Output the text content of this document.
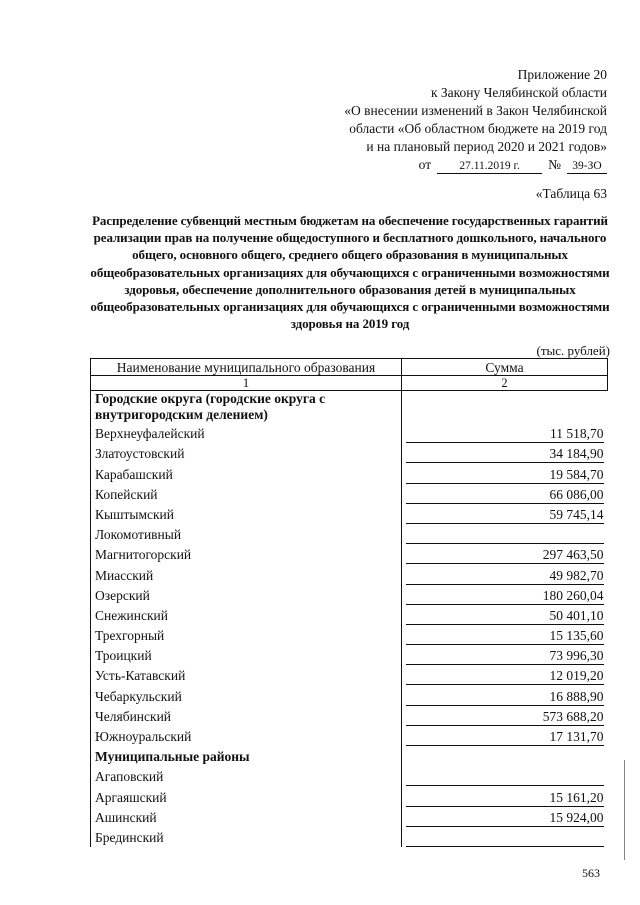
Приложение 20
к Закону Челябинской области
«О внесении изменений в Закон Челябинской
области «Об областном бюджете на 2019 год
и на плановый период 2020 и 2021 годов»
от	27.11.2019 г.	№ 39-ЗО
«Таблица 63
Распределение субвенций местным бюджетам на обеспечение государственных гарантий реализации прав на получение общедоступного и бесплатного дошкольного, начального общего, основного общего, среднего общего образования в муниципальных общеобразовательных организациях для обучающихся с ограниченными возможностями здоровья, обеспечение дополнительного образования детей в муниципальных общеобразовательных организациях для обучающихся с ограниченными возможностями здоровья на 2019 год
(тыс. рублей)
Наименование муниципального образования	Сумма
1	2
Городские округа (городские округа с внутригородским делением)	
Верхнеуфалейский	11 518,70
Златоустовский	34 184,90
Карабашский	19 584,70
Копейский	66 086,00
Кыштымский	59 745,14
Локомотивный	
Магнитогорский	297 463,50
Миасский	49 982,70
Озерский	180 260,04
Снежинский	50 401,10
Трехгорный	15 135,60
Троицкий	73 996,30
Усть-Катавский	12 019,20
Чебаркульский	16 888,90
Челябинский	573 688,20
Южноуральский	17 131,70
Муниципальные районы	
Агаповский	
Аргаяшский	15 161,20
Ашинский	15 924,00
Брединский	
563
